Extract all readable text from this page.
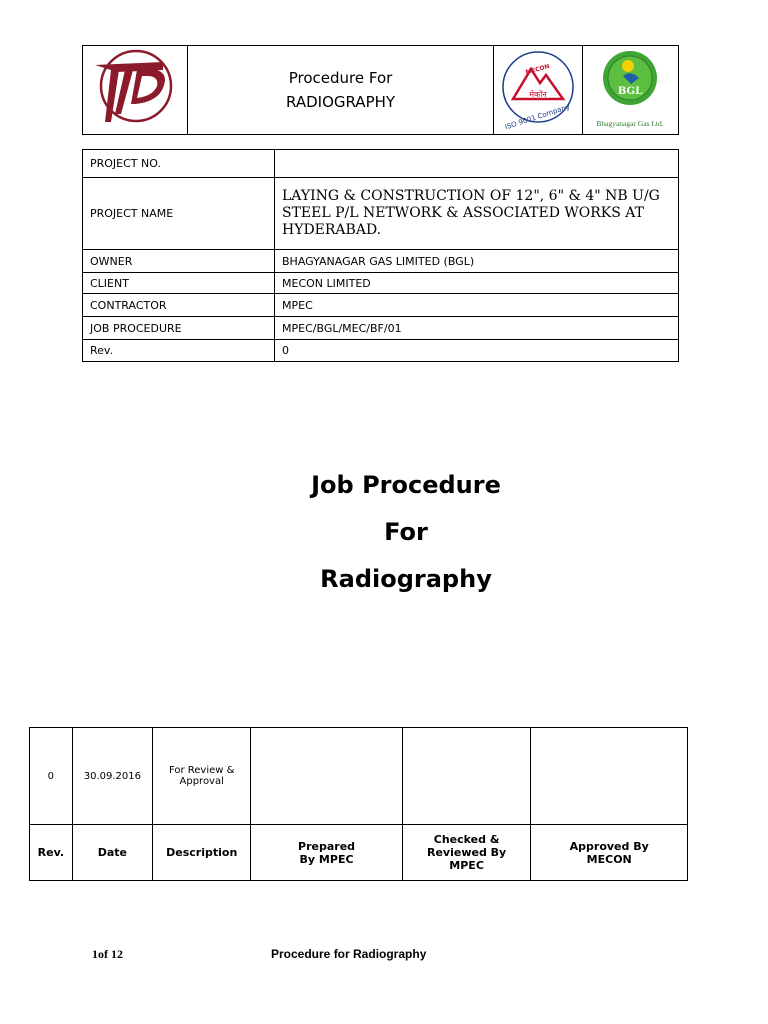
Procedure For
RADIOGRAPHY

MECON
मेकॉन
ISO 9001 Company

BGL
Bhagyanagar Gas Ltd.
PROJECT NO.	
PROJECT NAME	LAYING & CONSTRUCTION OF 12", 6" & 4" NB U/G STEEL P/L NETWORK & ASSOCIATED WORKS AT HYDERABAD.
OWNER	BHAGYANAGAR GAS LIMITED (BGL)
CLIENT	MECON LIMITED
CONTRACTOR	MPEC
JOB PROCEDURE	MPEC/BGL/MEC/BF/01
Rev.	0
Job Procedure
For
Radiography
0	30.09.2016	For Review & Approval			
Rev.	Date	Description	Prepared By MPEC	Checked & Reviewed By MPEC	Approved By MECON
1of 12	Procedure for Radiography
